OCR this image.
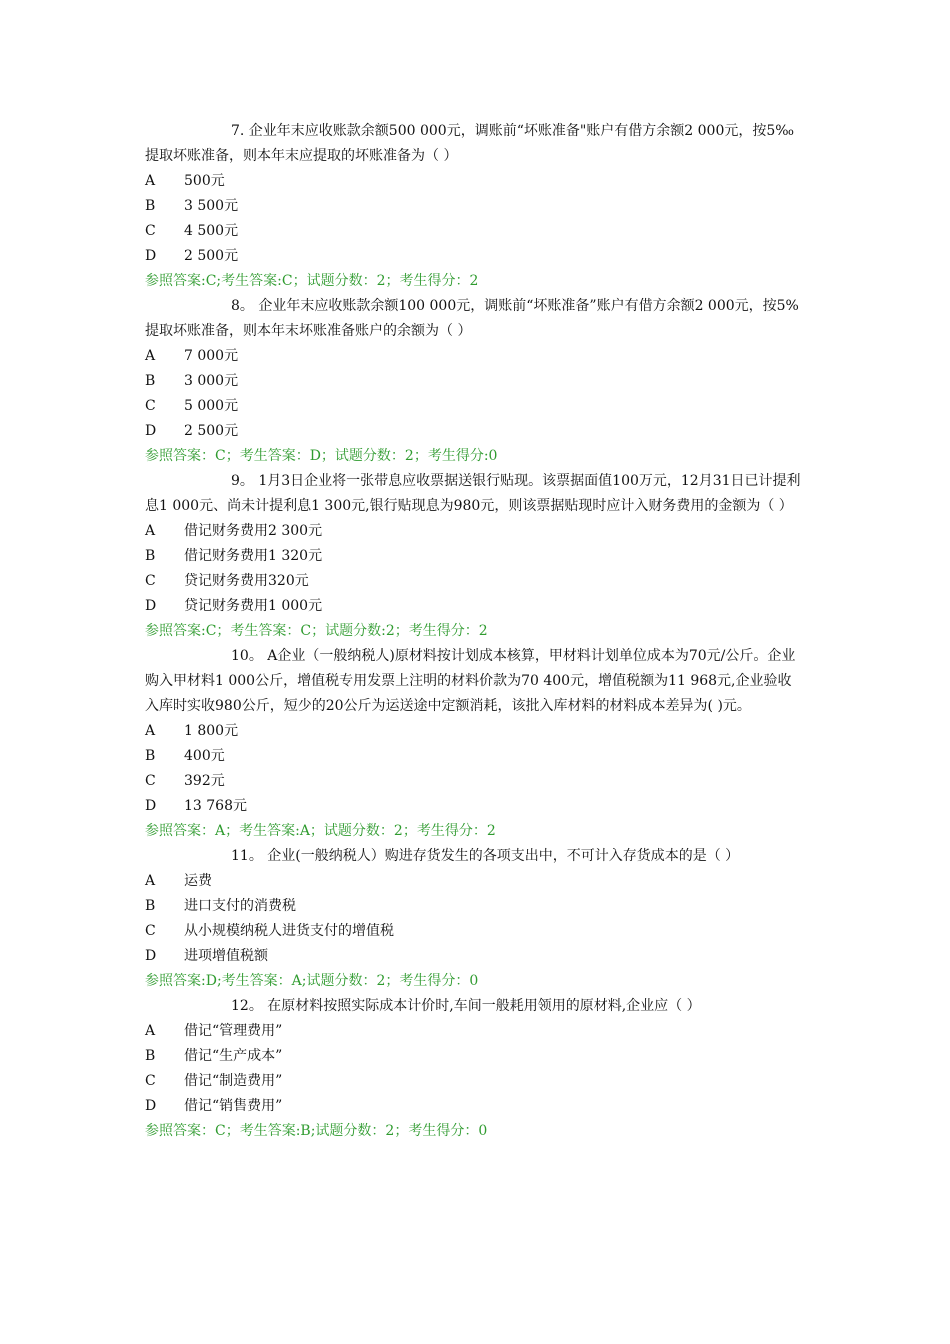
7. 企业年末应收账款余额500 000元，调账前“坏账准备"账户有借方余额2 000元，按5‰提取坏账准备，则本年末应提取的坏账准备为（ ）

A	500元
B	3 500元
C	4 500元
D	2 500元
参照答案:C;考生答案:C；试题分数：2；考生得分：2

8。 企业年末应收账款余额100 000元，调账前“坏账准备”账户有借方余额2 000元，按5%提取坏账准备，则本年末坏账准备账户的余额为（ ）

A	7 000元
B	3 000元
C	5 000元
D	2 500元
参照答案：C；考生答案：D；试题分数：2；考生得分:0

9。 1月3日企业将一张带息应收票据送银行贴现。该票据面值100万元，12月31日已计提利息1 000元、尚未计提利息1 300元,银行贴现息为980元，则该票据贴现时应计入财务费用的金额为（ ）

A	借记财务费用2 300元
B	借记财务费用1 320元
C	贷记财务费用320元
D	贷记财务费用1 000元
参照答案:C；考生答案：C；试题分数:2；考生得分：2

10。 A企业（一般纳税人)原材料按计划成本核算，甲材料计划单位成本为70元/公斤。企业购入甲材料1 000公斤，增值税专用发票上注明的材料价款为70 400元，增值税额为11 968元,企业验收入库时实收980公斤，短少的20公斤为运送途中定额消耗，该批入库材料的材料成本差异为( )元。

A	1 800元
B	400元
C	392元
D	13 768元
参照答案：A；考生答案:A；试题分数：2；考生得分：2

11。 企业(一般纳税人）购进存货发生的各项支出中，不可计入存货成本的是（ ）

A	运费
B	进口支付的消费税
C	从小规模纳税人进货支付的增值税
D	进项增值税额
参照答案:D;考生答案：A;试题分数：2；考生得分：0

12。 在原材料按照实际成本计价时,车间一般耗用领用的原材料,企业应（ ）

A	借记“管理费用”
B	借记“生产成本”
C	借记“制造费用”
D	借记“销售费用”
参照答案：C；考生答案:B;试题分数：2；考生得分：0
